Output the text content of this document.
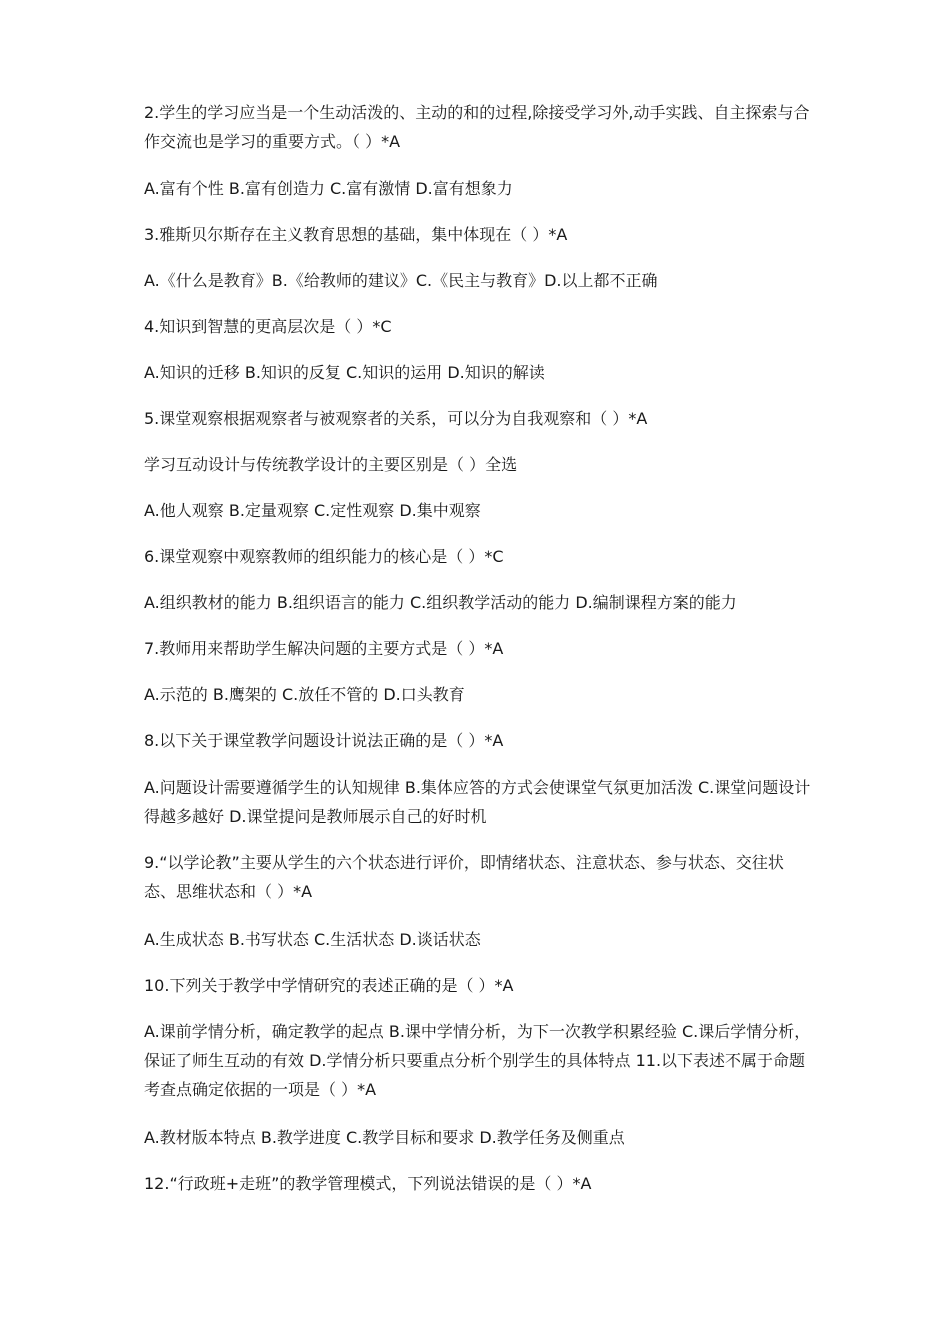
2.学生的学习应当是一个生动活泼的、主动的和的过程,除接受学习外,动手实践、自主探索与合作交流也是学习的重要方式。（ ）*A

A.富有个性 B.富有创造力 C.富有激情 D.富有想象力

3.雅斯贝尔斯存在主义教育思想的基础，集中体现在（ ）*A

A.《什么是教育》B.《给教师的建议》C.《民主与教育》D.以上都不正确

4.知识到智慧的更高层次是（ ）*C

A.知识的迁移 B.知识的反复 C.知识的运用 D.知识的解读

5.课堂观察根据观察者与被观察者的关系，可以分为自我观察和（ ）*A

学习互动设计与传统教学设计的主要区别是（ ）全选

A.他人观察 B.定量观察 C.定性观察 D.集中观察

6.课堂观察中观察教师的组织能力的核心是（ ）*C

A.组织教材的能力 B.组织语言的能力 C.组织教学活动的能力 D.编制课程方案的能力

7.教师用来帮助学生解决问题的主要方式是（ ）*A

A.示范的 B.鹰架的 C.放任不管的 D.口头教育

8.以下关于课堂教学问题设计说法正确的是（ ）*A

A.问题设计需要遵循学生的认知规律 B.集体应答的方式会使课堂气氛更加活泼 C.课堂问题设计得越多越好 D.课堂提问是教师展示自己的好时机

9.“以学论教”主要从学生的六个状态进行评价，即情绪状态、注意状态、参与状态、交往状态、思维状态和（ ）*A

A.生成状态 B.书写状态 C.生活状态 D.谈话状态

10.下列关于教学中学情研究的表述正确的是（ ）*A

A.课前学情分析，确定教学的起点 B.课中学情分析，为下一次教学积累经验 C.课后学情分析，保证了师生互动的有效 D.学情分析只要重点分析个别学生的具体特点 11.以下表述不属于命题考查点确定依据的一项是（ ）*A

A.教材版本特点 B.教学进度 C.教学目标和要求 D.教学任务及侧重点

12.“行政班+走班”的教学管理模式，下列说法错误的是（ ）*A
